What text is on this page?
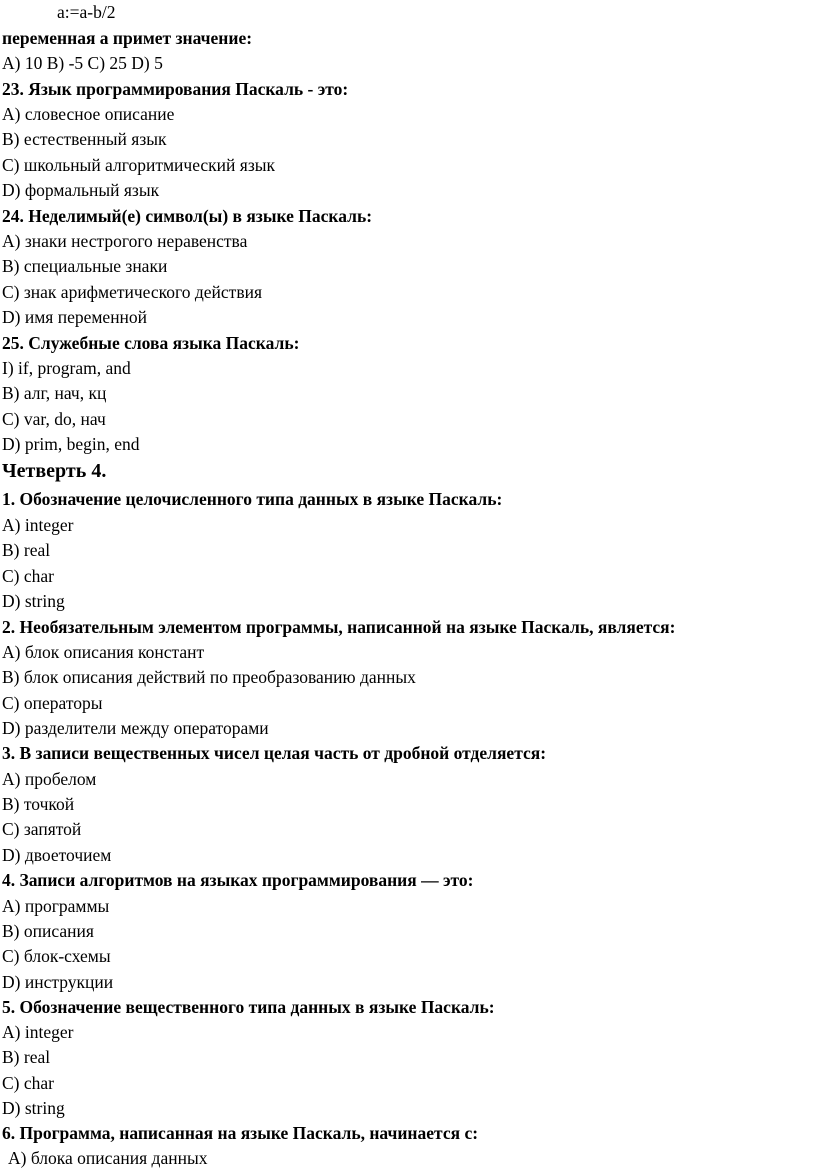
a:=a-b/2

переменная а примет значение:

А) 10 В) -5 С) 25 D) 5

23. Язык программирования Паскаль - это:

А) словесное описание

В) естественный язык

С) школьный алгоритмический язык

D) формальный язык

24. Неделимый(е) символ(ы) в языке Паскаль:

А) знаки нестрогого неравенства

В) специальные знаки

С) знак арифметического действия

D) имя переменной

25. Служебные слова языка Паскаль:

I) if, program, and

В) алг, нач, кц

С) var, do, нач

D) prim, begin, end

Четверть 4.

1. Обозначение целочисленного типа данных в языке Паскаль:

А) integer

В) real

С) char

D) string

2. Необязательным элементом программы, написанной на языке Паскаль, является:

А) блок описания констант

В) блок описания действий по преобразованию данных

С) операторы

D) разделители между операторами

3. В записи вещественных чисел целая часть от дробной отделяется:

А) пробелом

В) точкой

С) запятой

D) двоеточием

4. Записи алгоритмов на языках программирования — это:

А) программы

В) описания

С) блок-схемы

D) инструкции

5. Обозначение вещественного типа данных в языке Паскаль:

А) integer

В) real

С) char

D) string

6. Программа, написанная на языке Паскаль, начинается с:

А) блока описания данных
